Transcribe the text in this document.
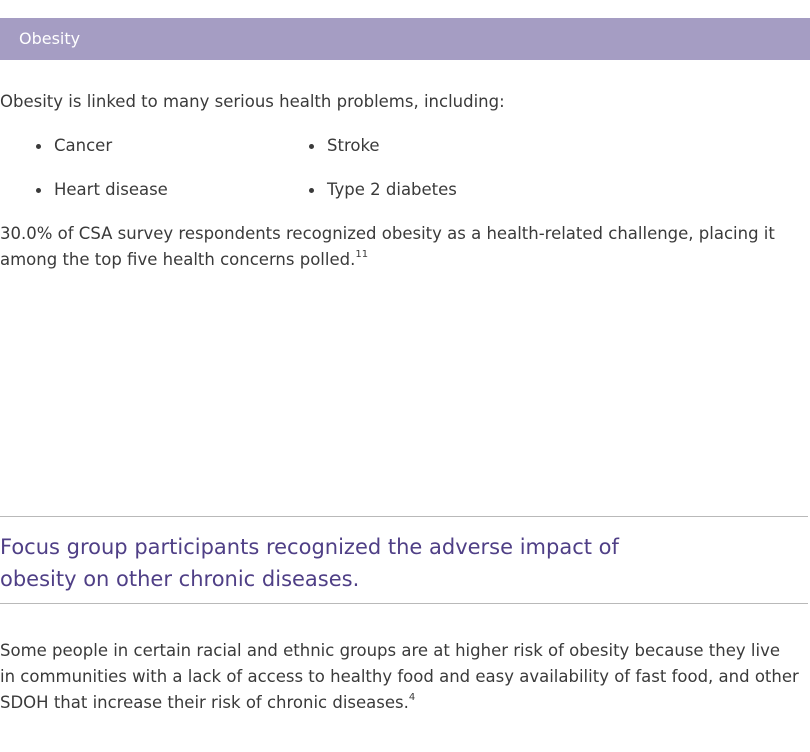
Obesity
Obesity is linked to many serious health problems, including:
Cancer	Stroke
Heart disease	Type 2 diabetes
30.0% of CSA survey respondents recognized obesity as a health-related challenge, placing it among the top five health concerns polled.$^{11}$
Focus group participants recognized the adverse impact of obesity on other chronic diseases.
Some people in certain racial and ethnic groups are at higher risk of obesity because they live in communities with a lack of access to healthy food and easy availability of fast food, and other SDOH that increase their risk of chronic diseases.$^4$
